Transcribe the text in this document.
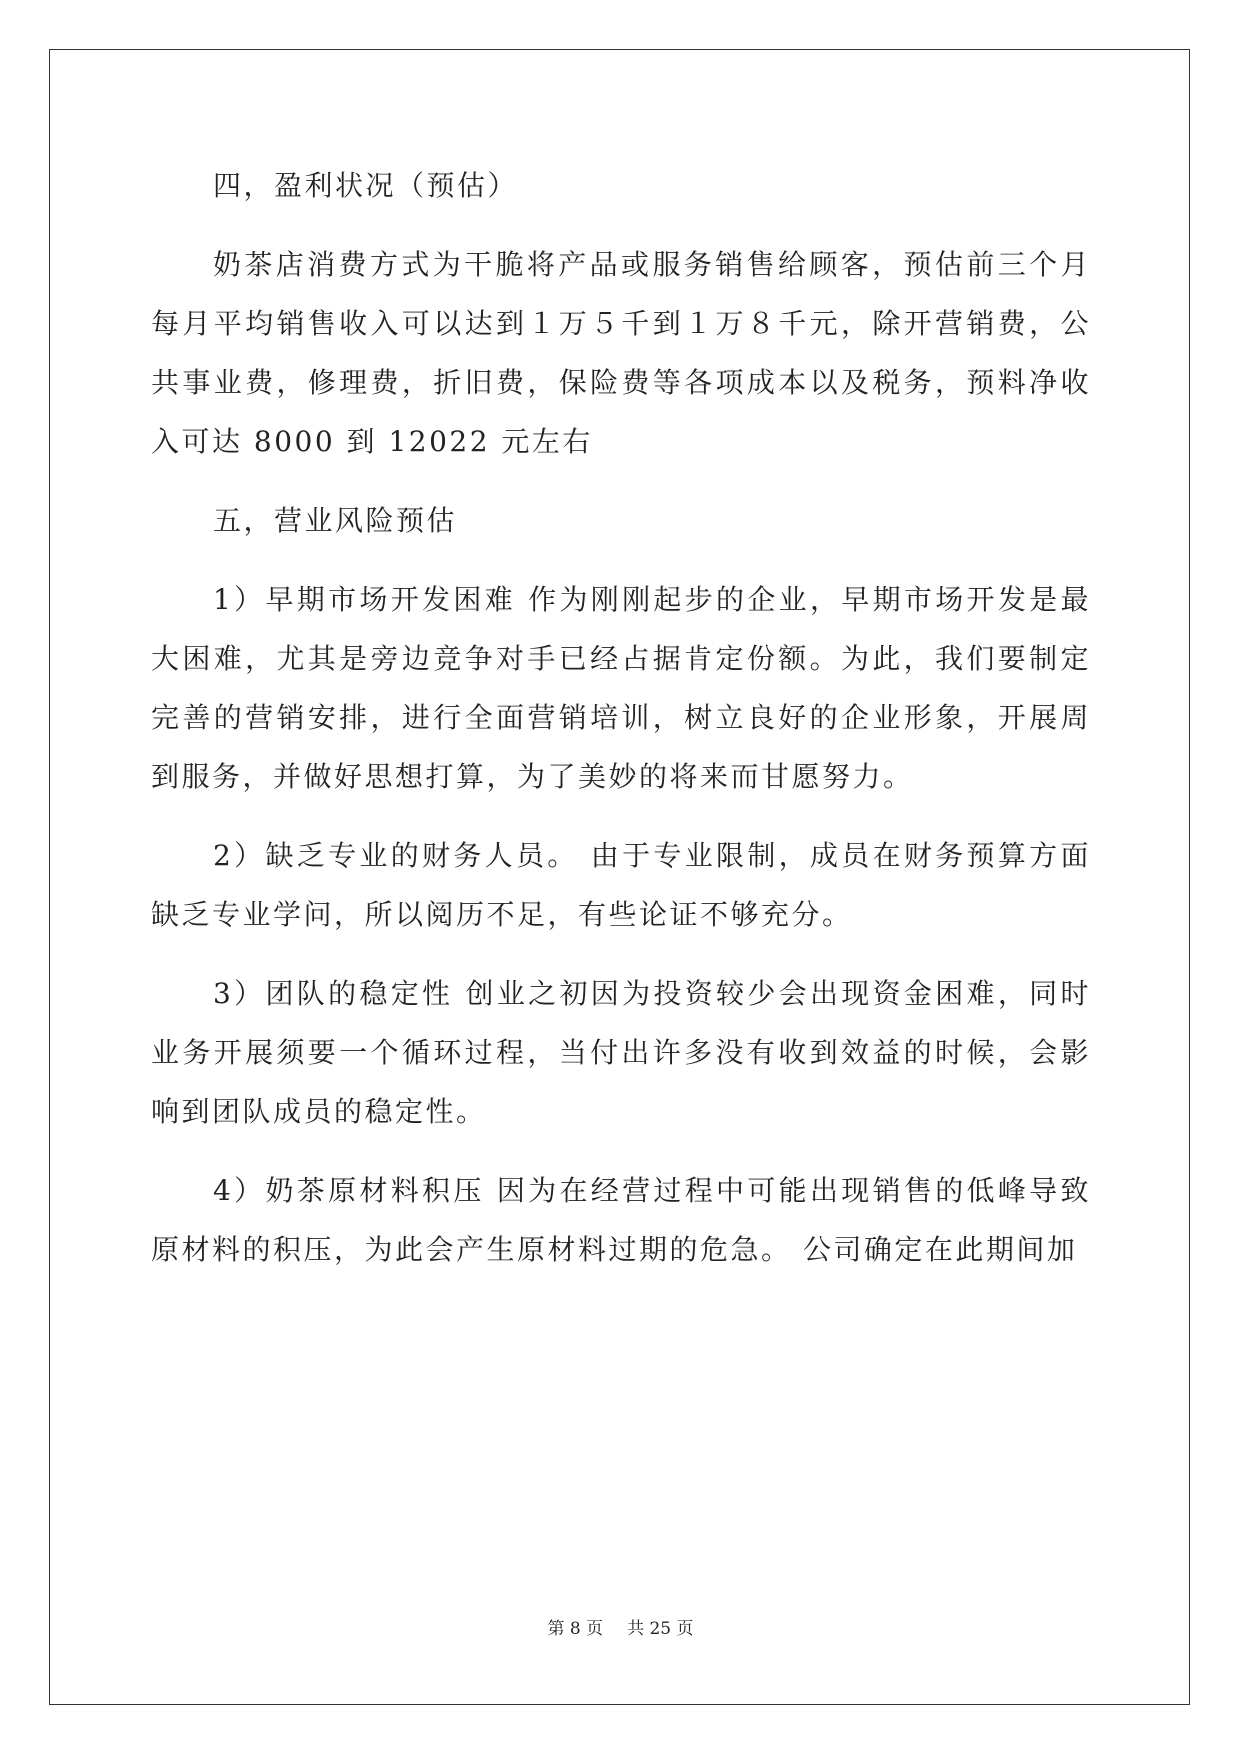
四，盈利状况（预估）

奶茶店消费方式为干脆将产品或服务销售给顾客，预估前三个月每月平均销售收入可以达到１万５千到１万８千元，除开营销费，公共事业费，修理费，折旧费，保险费等各项成本以及税务，预料净收入可达 8000 到 12022 元左右

五，营业风险预估

1）早期市场开发困难 作为刚刚起步的企业，早期市场开发是最大困难，尤其是旁边竞争对手已经占据肯定份额。为此，我们要制定完善的营销安排，进行全面营销培训，树立良好的企业形象，开展周到服务，并做好思想打算，为了美妙的将来而甘愿努力。

2）缺乏专业的财务人员。 由于专业限制，成员在财务预算方面缺乏专业学问，所以阅历不足，有些论证不够充分。

3）团队的稳定性 创业之初因为投资较少会出现资金困难，同时业务开展须要一个循环过程，当付出许多没有收到效益的时候，会影响到团队成员的稳定性。

4）奶茶原材料积压 因为在经营过程中可能出现销售的低峰导致原材料的积压，为此会产生原材料过期的危急。 公司确定在此期间加

第 8 页 共 25 页
